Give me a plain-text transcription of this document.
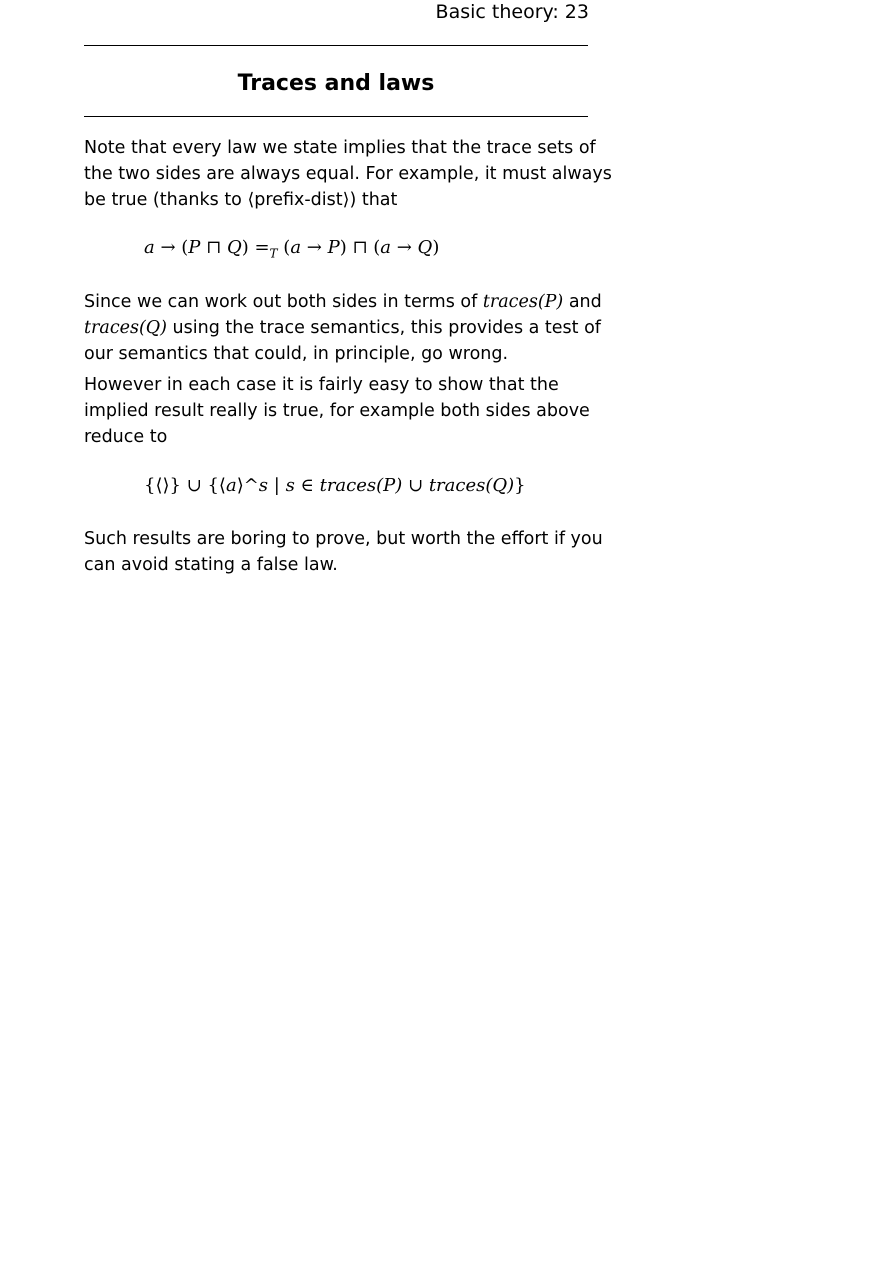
Basic theory: 23
Traces and laws

Note that every law we state implies that the trace sets of
the two sides are always equal. For example, it must always
be true (thanks to ⟨prefix-dist⟩) that

a → (P ⊓ $Q) =_T$ (a → P) ⊓ (a → Q)

Since we can work out both sides in terms of traces(P) and
traces(Q) using the trace semantics, this provides a test of
our semantics that could, in principle, go wrong.

However in each case it is fairly easy to show that the
implied result really is true, for example both sides above
reduce to

{⟨⟩} ∪ {⟨a⟩^s | s ∈ traces(P) ∪ traces(Q)}

Such results are boring to prove, but worth the effort if you
can avoid stating a false law.
